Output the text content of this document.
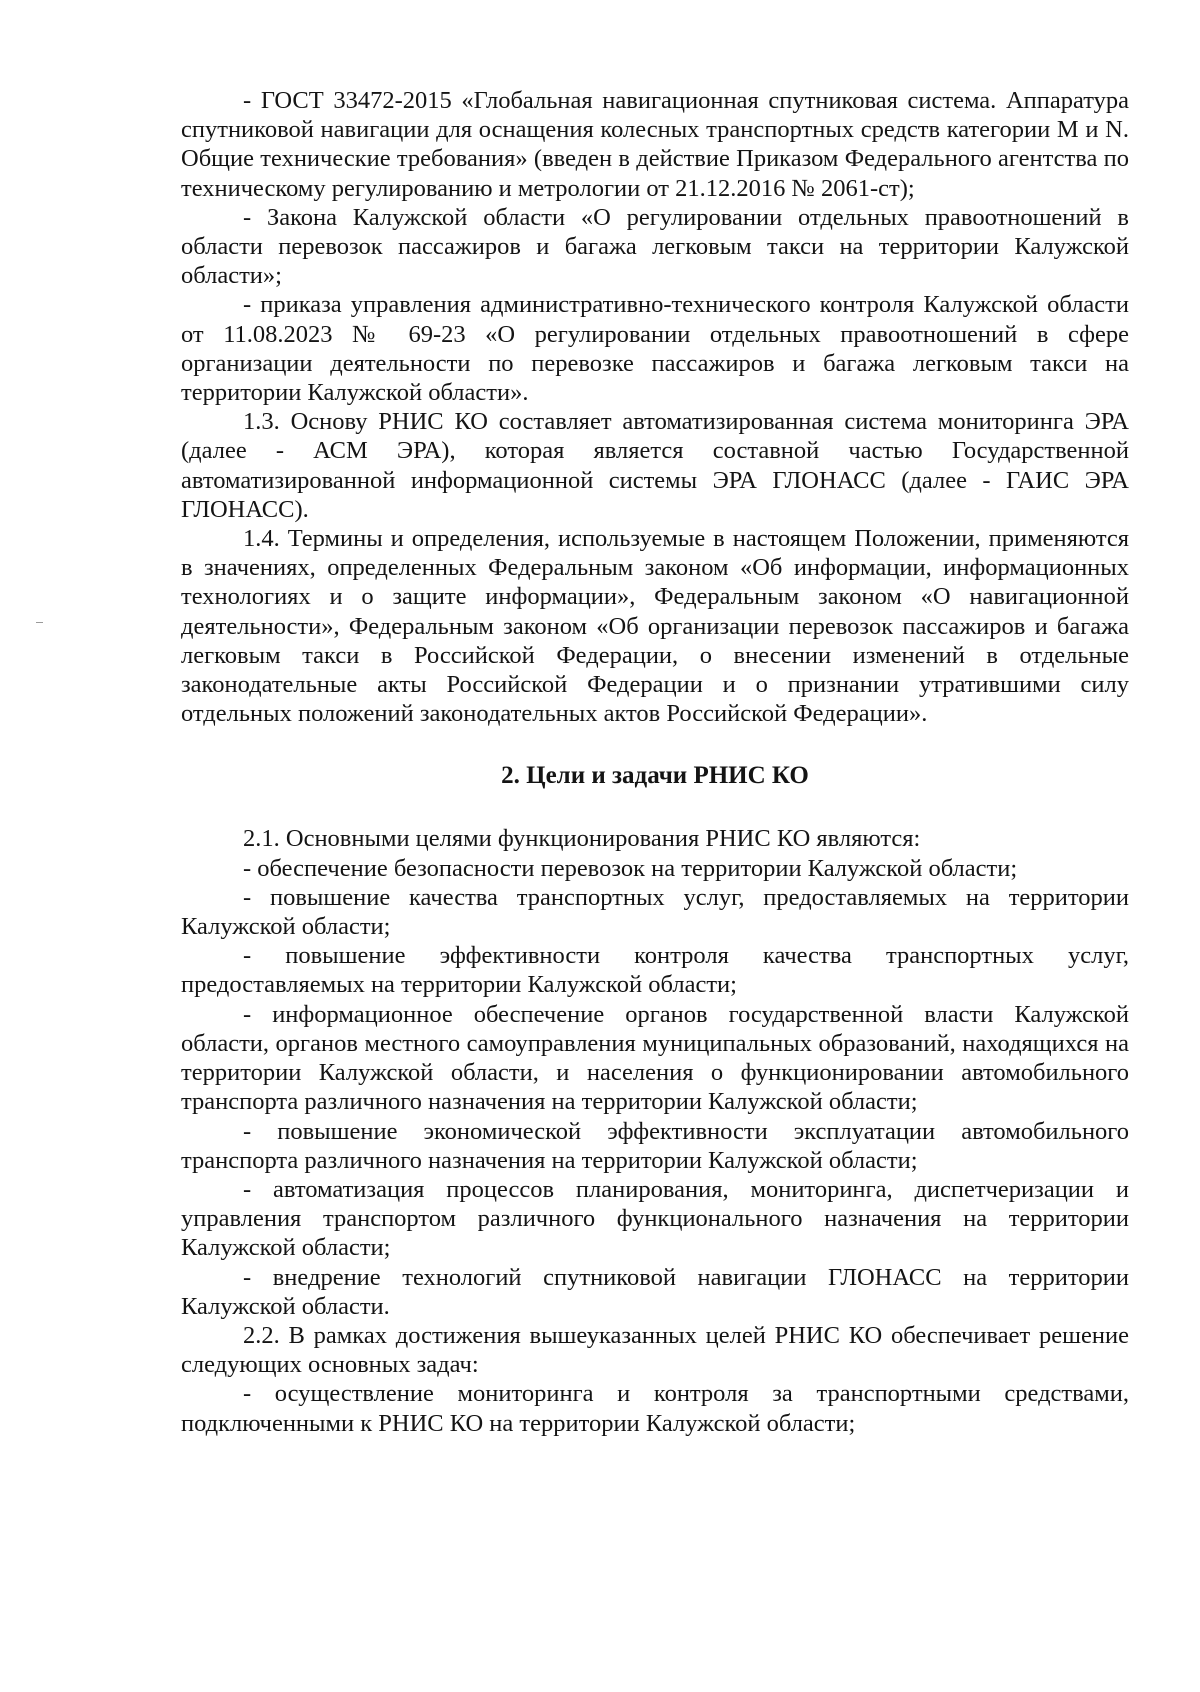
- ГОСТ 33472-2015 «Глобальная навигационная спутниковая система. Аппаратура спутниковой навигации для оснащения колесных транспортных средств категории М и N. Общие технические требования» (введен в действие Приказом Федерального агентства по техническому регулированию и метрологии от 21.12.2016 № 2061-ст);

- Закона Калужской области «О регулировании отдельных правоотношений в области перевозок пассажиров и багажа легковым такси на территории Калужской области»;

- приказа управления административно-технического контроля Калужской области от 11.08.2023 № 69-23 «О регулировании отдельных правоотношений в сфере организации деятельности по перевозке пассажиров и багажа легковым такси на территории Калужской области».

1.3. Основу РНИС КО составляет автоматизированная система мониторинга ЭРА (далее - АСМ ЭРА), которая является составной частью Государственной автоматизированной информационной системы ЭРА ГЛОНАСС (далее - ГАИС ЭРА ГЛОНАСС).

1.4. Термины и определения, используемые в настоящем Положении, применяются в значениях, определенных Федеральным законом «Об информации, информационных технологиях и о защите информации», Федеральным законом «О навигационной деятельности», Федеральным законом «Об организации перевозок пассажиров и багажа легковым такси в Российской Федерации, о внесении изменений в отдельные законодательные акты Российской Федерации и о признании утратившими силу отдельных положений законодательных актов Российской Федерации».

2. Цели и задачи РНИС КО

2.1. Основными целями функционирования РНИС КО являются:

- обеспечение безопасности перевозок на территории Калужской области;

- повышение качества транспортных услуг, предоставляемых на территории Калужской области;

- повышение эффективности контроля качества транспортных услуг, предоставляемых на территории Калужской области;

- информационное обеспечение органов государственной власти Калужской области, органов местного самоуправления муниципальных образований, находящихся на территории Калужской области, и населения о функционировании автомобильного транспорта различного назначения на территории Калужской области;

- повышение экономической эффективности эксплуатации автомобильного транспорта различного назначения на территории Калужской области;

- автоматизация процессов планирования, мониторинга, диспетчеризации и управления транспортом различного функционального назначения на территории Калужской области;

- внедрение технологий спутниковой навигации ГЛОНАСС на территории Калужской области.

2.2. В рамках достижения вышеуказанных целей РНИС КО обеспечивает решение следующих основных задач:

- осуществление мониторинга и контроля за транспортными средствами, подключенными к РНИС КО на территории Калужской области;
